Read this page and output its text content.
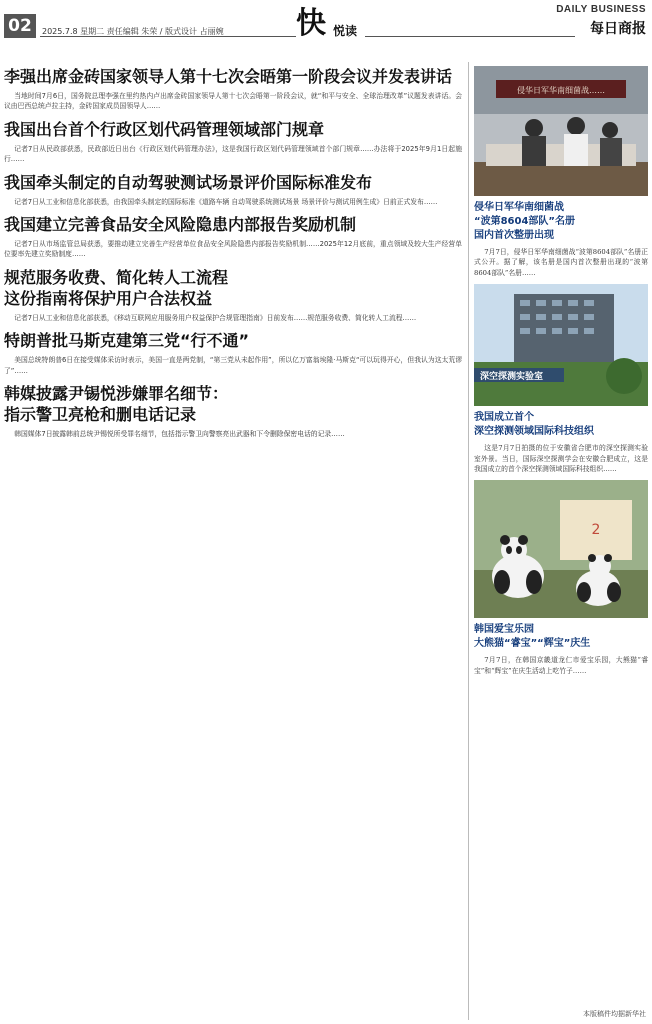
02	2025.7.8 星期二 责任编辑 朱荣 / 版式设计 占丽婉 快 悦读
DAILY BUSINESS
每日商报
李强出席金砖国家领导人第十七次会晤第一阶段会议并发表讲话

当地时间7月6日，国务院总理李强在里约热内卢出席金砖国家领导人第十七次会晤第一阶段会议，就“和平与安全、全球治理改革”议题发表讲话。会议由巴西总统卢拉主持，金砖国家成员国领导人……

我国出台首个行政区划代码管理领域部门规章

记者7日从民政部获悉，民政部近日出台《行政区划代码管理办法》，这是我国行政区划代码管理领域首个部门规章……办法将于2025年9月1日起施行……

我国牵头制定的自动驾驶测试场景评价国际标准发布

记者7日从工业和信息化部获悉，由我国牵头制定的国际标准《道路车辆 自动驾驶系统测试场景 场景评价与测试用例生成》日前正式发布……

我国建立完善食品安全风险隐患内部报告奖励机制

记者7日从市场监管总局获悉，要推动建立完善生产经营单位食品安全风险隐患内部报告奖励机制……2025年12月底前，重点领域及较大生产经营单位要率先建立奖励制度……

规范服务收费、简化转人工流程
这份指南将保护用户合法权益

记者7日从工业和信息化部获悉，《移动互联网应用服务用户权益保护合规管理指南》日前发布……规范服务收费、简化转人工流程……

特朗普批马斯克建第三党“行不通”

美国总统特朗普6日在接受媒体采访时表示，美国一直是两党制，“第三党从未起作用”，所以亿万富翁埃隆·马斯克“可以玩得开心，但我认为这太荒谬了”……

韩媒披露尹锡悦涉嫌罪名细节：
指示警卫亮枪和删电话记录

韩国媒体7日披露韩前总统尹锡悦所受罪名细节，包括指示警卫向警察亮出武器和下令删除保密电话的记录……

侵华日军华南细菌战……
侵华日军华南细菌战
“波第8604部队”名册
国内首次整册出现

7月7日，侵华日军华南细菌战“波第8604部队”名册正式公开。据了解，该名册是国内首次整册出现的“波第8604部队”名册……

深空探测实验室
我国成立首个
深空探测领域国际科技组织

这是7月7日拍摄的位于安徽省合肥市的深空探测实验室外景。当日，国际深空探测学会在安徽合肥成立，这是我国成立的首个深空探测领域国际科技组织……

2
韩国爱宝乐园
大熊猫“睿宝”“辉宝”庆生

7月7日，在韩国京畿道龙仁市爱宝乐园，大熊猫“睿宝”和“辉宝”在庆生活动上吃竹子……

本版稿件均据新华社
